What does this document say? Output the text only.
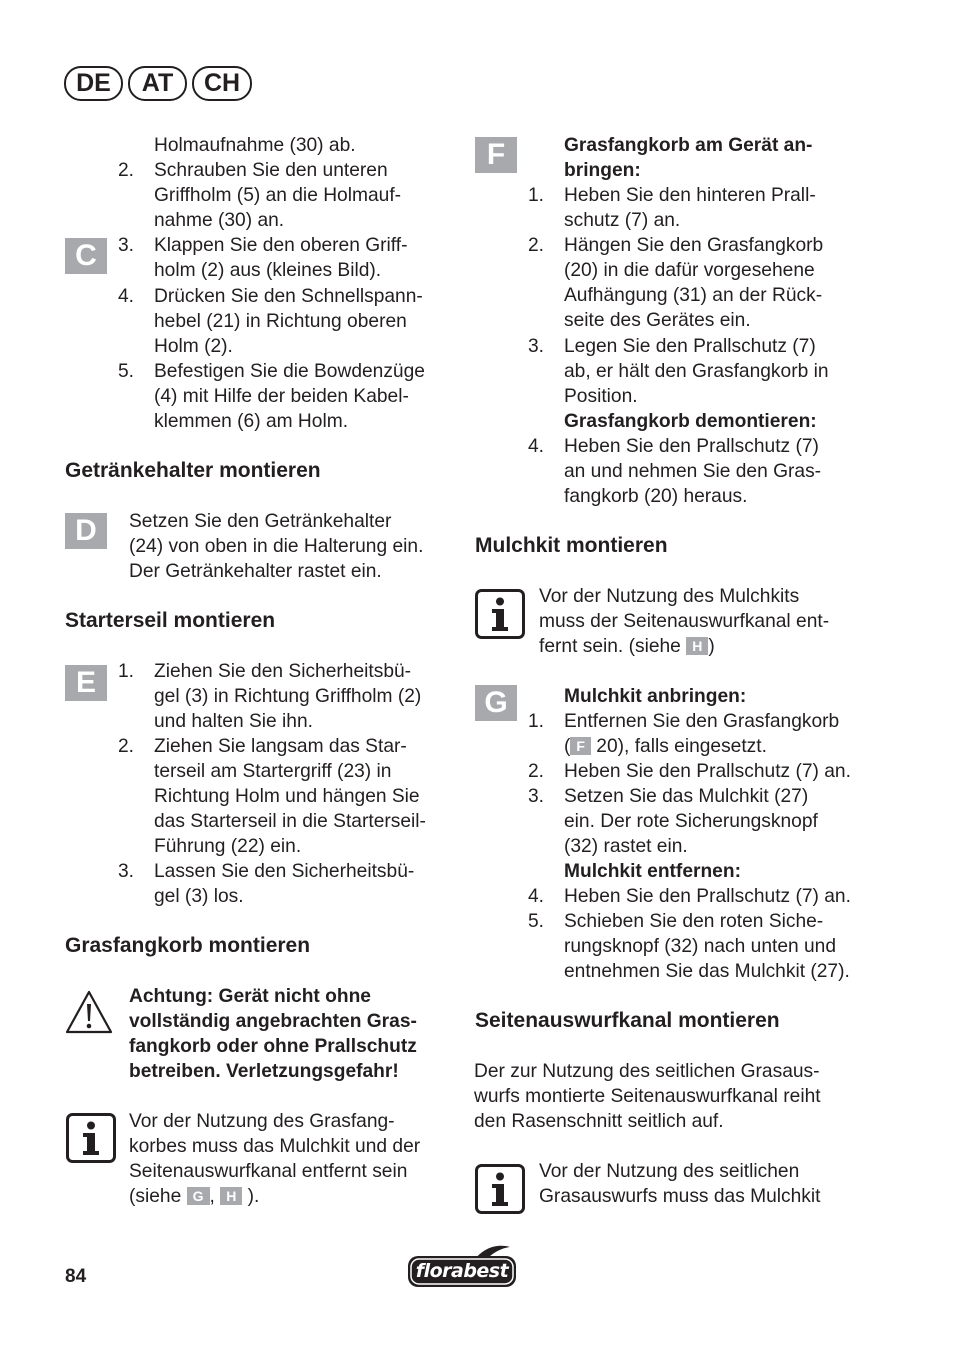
DE	AT	CH
Holmaufnahme (30) ab.
2. Schrauben Sie den unteren
Griffholm (5) an die Holmauf-
nahme (30) an.
C	3. Klappen Sie den oberen Griff-
holm (2) aus (kleines Bild).
4. Drücken Sie den Schnellspann-
hebel (21) in Richtung oberen
Holm (2).
5. Befestigen Sie die Bowdenzüge
(4) mit Hilfe der beiden Kabel-
klemmen (6) am Holm.
Getränkehalter montieren
D	Setzen Sie den Getränkehalter
(24) von oben in die Halterung ein.
Der Getränkehalter rastet ein.
Starterseil montieren
E	1. Ziehen Sie den Sicherheitsbü-
gel (3) in Richtung Griffholm (2)
und halten Sie ihn.
2. Ziehen Sie langsam das Star-
terseil am Startergriff (23) in
Richtung Holm und hängen Sie
das Starterseil in die Starterseil-
Führung (22) ein.
3. Lassen Sie den Sicherheitsbü-
gel (3) los.
Grasfangkorb montieren
Achtung: Gerät nicht ohne
vollständig angebrachten Gras-
fangkorb oder ohne Prallschutz
betreiben. Verletzungsgefahr!
Vor der Nutzung des Grasfang-
korbes muss das Mulchkit und der
Seitenauswurfkanal entfernt sein
(siehe G , H ).
F	Grasfangkorb am Gerät an-
bringen:
1. Heben Sie den hinteren Prall-
schutz (7) an.
2. Hängen Sie den Grasfangkorb
(20) in die dafür vorgesehene
Aufhängung (31) an der Rück-
seite des Gerätes ein.
3. Legen Sie den Prallschutz (7)
ab, er hält den Grasfangkorb in
Position.
Grasfangkorb demontieren:
4. Heben Sie den Prallschutz (7)
an und nehmen Sie den Gras-
fangkorb (20) heraus.
Mulchkit montieren
Vor der Nutzung des Mulchkits
muss der Seitenauswurfkanal ent-
fernt sein. (siehe H )
G	Mulchkit anbringen:
1. Entfernen Sie den Grasfangkorb
( F 20), falls eingesetzt.
2. Heben Sie den Prallschutz (7) an.
3. Setzen Sie das Mulchkit (27)
ein. Der rote Sicherungsknopf
(32) rastet ein.
Mulchkit entfernen:
4. Heben Sie den Prallschutz (7) an.
5. Schieben Sie den roten Siche-
rungsknopf (32) nach unten und
entnehmen Sie das Mulchkit (27).
Seitenauswurfkanal montieren
Der zur Nutzung des seitlichen Grasaus-
wurfs montierte Seitenauswurfkanal reiht
den Rasenschnitt seitlich auf.
Vor der Nutzung des seitlichen
Grasauswurfs muss das Mulchkit
84	florabest
